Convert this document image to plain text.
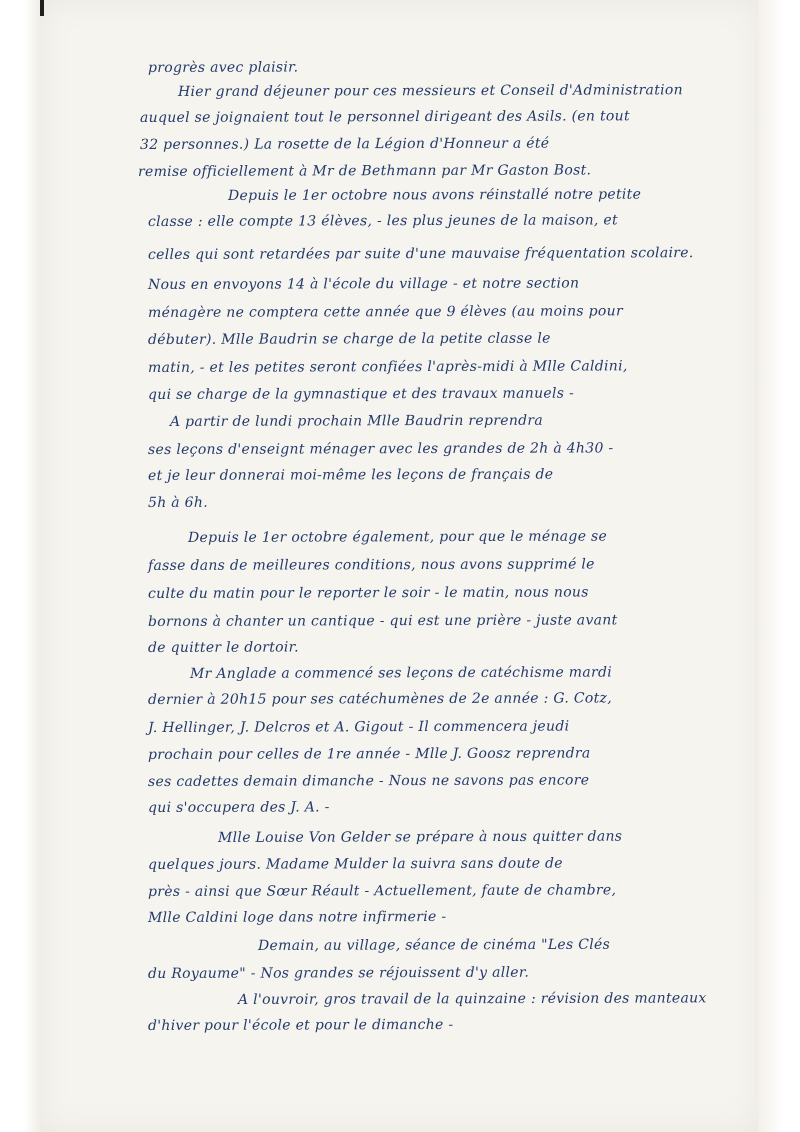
progrès avec plaisir.
Hier grand déjeuner pour ces messieurs et Conseil d'Administration
auquel se joignaient tout le personnel dirigeant des Asils. (en tout
32 personnes.) La rosette de la Légion d'Honneur a été
remise officiellement à Mr de Bethmann par Mr Gaston Bost.
Depuis le 1er octobre nous avons réinstallé notre petite
classe : elle compte 13 élèves, - les plus jeunes de la maison, et
celles qui sont retardées par suite d'une mauvaise fréquentation scolaire.
Nous en envoyons 14 à l'école du village - et notre section
ménagère ne comptera cette année que 9 élèves (au moins pour
débuter). Mlle Baudrin se charge de la petite classe le
matin, - et les petites seront confiées l'après-midi à Mlle Caldini,
qui se charge de la gymnastique et des travaux manuels -
A partir de lundi prochain Mlle Baudrin reprendra
ses leçons d'enseignt ménager avec les grandes de 2h à 4h30 -
et je leur donnerai moi-même les leçons de français de
5h à 6h.
Depuis le 1er octobre également, pour que le ménage se
fasse dans de meilleures conditions, nous avons supprimé le
culte du matin pour le reporter le soir - le matin, nous nous
bornons à chanter un cantique - qui est une prière - juste avant
de quitter le dortoir.
Mr Anglade a commencé ses leçons de catéchisme mardi
dernier à 20h15 pour ses catéchumènes de 2e année : G. Cotz,
J. Hellinger, J. Delcros et A. Gigout - Il commencera jeudi
prochain pour celles de 1re année - Mlle J. Goosz reprendra
ses cadettes demain dimanche - Nous ne savons pas encore
qui s'occupera des J. A. -
Mlle Louise Von Gelder se prépare à nous quitter dans
quelques jours. Madame Mulder la suivra sans doute de
près - ainsi que Sœur Réault - Actuellement, faute de chambre,
Mlle Caldini loge dans notre infirmerie -
Demain, au village, séance de cinéma "Les Clés
du Royaume" - Nos grandes se réjouissent d'y aller.
A l'ouvroir, gros travail de la quinzaine : révision des manteaux
d'hiver pour l'école et pour le dimanche -
